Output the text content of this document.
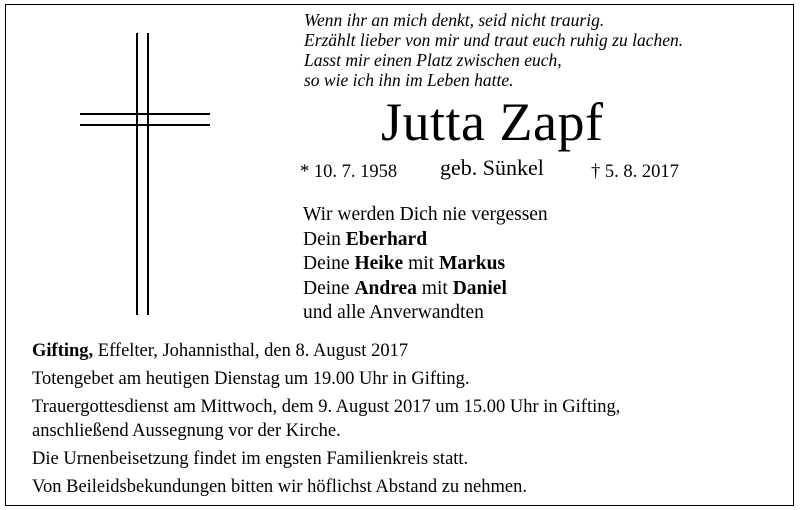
Wenn ihr an mich denkt, seid nicht traurig.
Erzählt lieber von mir und traut euch ruhig zu lachen.
Lasst mir einen Platz zwischen euch,
so wie ich ihn im Leben hatte.
Jutta Zapf
* 10. 7. 1958 geb. Sünkel	† 5. 8. 2017
Wir werden Dich nie vergessen
Dein Eberhard
Deine Heike mit Markus
Deine Andrea mit Daniel
und alle Anverwandten
Gifting, Effelter, Johannisthal, den 8. August 2017
Totengebet am heutigen Dienstag um 19.00 Uhr in Gifting.
Trauergottesdienst am Mittwoch, dem 9. August 2017 um 15.00 Uhr in Gifting,
anschließend Aussegnung vor der Kirche.
Die Urnenbeisetzung findet im engsten Familienkreis statt.
Von Beileidsbekundungen bitten wir höflichst Abstand zu nehmen.
